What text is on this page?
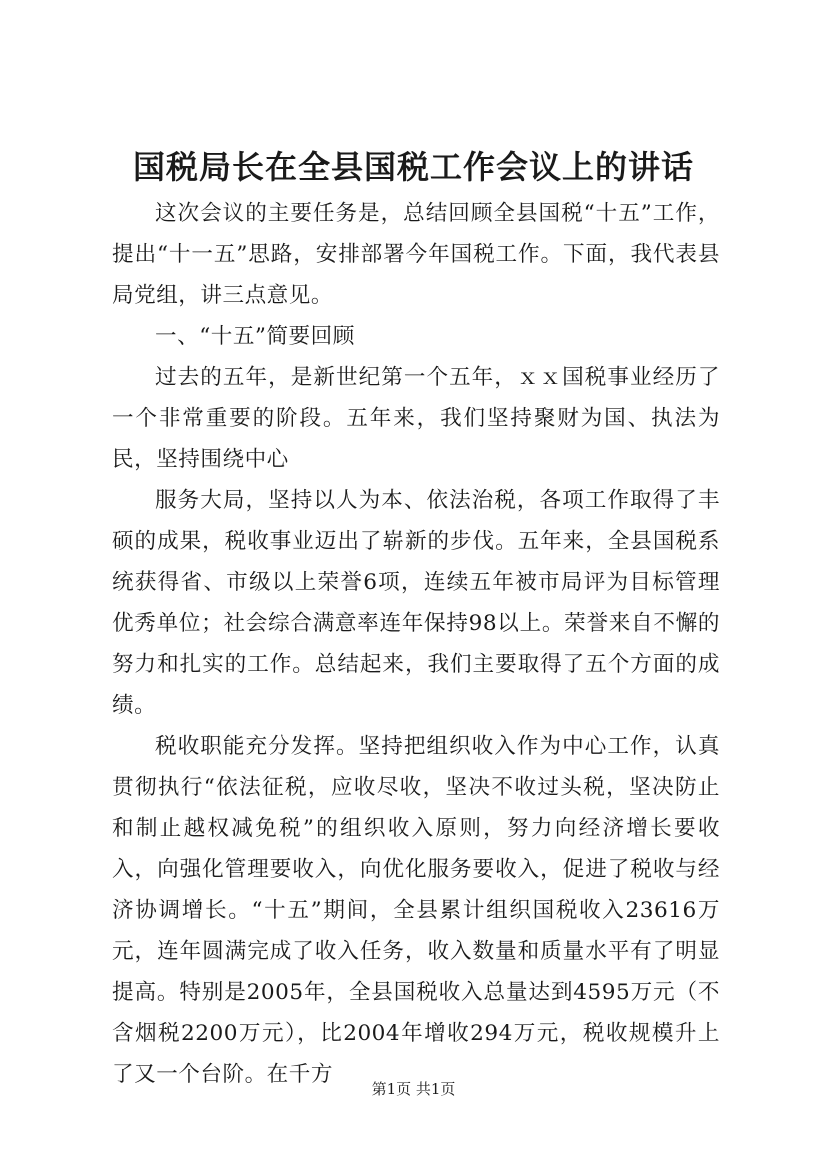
国税局长在全县国税工作会议上的讲话

这次会议的主要任务是，总结回顾全县国税“十五”工作，提出“十一五”思路，安排部署今年国税工作。下面，我代表县局党组，讲三点意见。

一、“十五”简要回顾

过去的五年，是新世纪第一个五年，ｘｘ国税事业经历了一个非常重要的阶段。五年来，我们坚持聚财为国、执法为民，坚持围绕中心

服务大局，坚持以人为本、依法治税，各项工作取得了丰硕的成果，税收事业迈出了崭新的步伐。五年来，全县国税系统获得省、市级以上荣誉6项，连续五年被市局评为目标管理优秀单位；社会综合满意率连年保持98以上。荣誉来自不懈的努力和扎实的工作。总结起来，我们主要取得了五个方面的成绩。

税收职能充分发挥。坚持把组织收入作为中心工作，认真贯彻执行“依法征税，应收尽收，坚决不收过头税，坚决防止和制止越权减免税”的组织收入原则，努力向经济增长要收入，向强化管理要收入，向优化服务要收入，促进了税收与经济协调增长。“十五”期间，全县累计组织国税收入23616万元，连年圆满完成了收入任务，收入数量和质量水平有了明显提高。特别是2005年，全县国税收入总量达到4595万元（不含烟税2200万元），比2004年增收294万元，税收规模升上了又一个台阶。在千方

第1页 共1页
